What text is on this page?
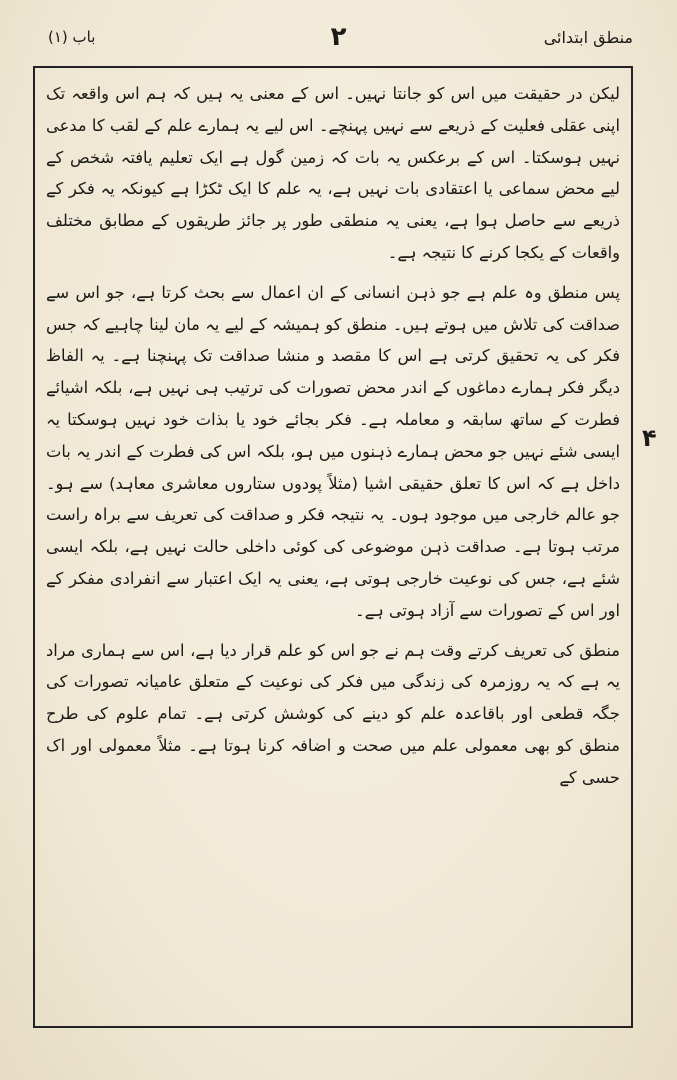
منطق ابتدائی
۲
باب (۱)

لیکن در حقیقت میں اس کو جانتا نہیں۔ اس کے معنی یہ ہیں کہ ہم اس واقعہ تک اپنی عقلی فعلیت کے ذریعے سے نہیں پہنچے۔ اس لیے یہ ہمارے علم کے لقب کا مدعی نہیں ہوسکتا۔ اس کے برعکس یہ بات کہ زمین گول ہے ایک تعلیم یافتہ شخص کے لیے محض سماعی یا اعتقادی بات نہیں ہے، یہ علم کا ایک ٹکڑا ہے کیونکہ یہ فکر کے ذریعے سے حاصل ہوا ہے، یعنی یہ منطقی طور پر جائز طریقوں کے مطابق مختلف واقعات کے یکجا کرنے کا نتیجہ ہے۔

پس منطق وہ علم ہے جو ذہن انسانی کے ان اعمال سے بحث کرتا ہے، جو اس سے صداقت کی تلاش میں ہوتے ہیں۔ منطق کو ہمیشہ کے لیے یہ مان لینا چاہیے کہ جس فکر کی یہ تحقیق کرتی ہے اس کا مقصد و منشا صداقت تک پہنچنا ہے۔ یہ الفاظ دیگر فکر ہمارے دماغوں کے اندر محض تصورات کی ترتیب ہی نہیں ہے، بلکہ اشیائے فطرت کے ساتھ سابقہ و معاملہ ہے۔ فکر بجائے خود یا بذات خود نہیں ہوسکتا یہ ایسی شئے نہیں جو محض ہمارے ذہنوں میں ہو، بلکہ اس کی فطرت کے اندر یہ بات داخل ہے کہ اس کا تعلق حقیقی اشیا (مثلاً پودوں ستاروں معاشری معاہد) سے ہو۔ جو عالم خارجی میں موجود ہوں۔ یہ نتیجہ فکر و صداقت کی تعریف سے براہ راست مرتب ہوتا ہے۔ صداقت ذہن موضوعی کی کوئی داخلی حالت نہیں ہے، بلکہ ایسی شئے ہے، جس کی نوعیت خارجی ہوتی ہے، یعنی یہ ایک اعتبار سے انفرادی مفکر کے اور اس کے تصورات سے آزاد ہوتی ہے۔

منطق کی تعریف کرتے وقت ہم نے جو اس کو علم قرار دیا ہے، اس سے ہماری مراد یہ ہے کہ یہ روزمرہ کی زندگی میں فکر کی نوعیت کے متعلق عامیانہ تصورات کی جگہ قطعی اور باقاعدہ علم کو دینے کی کوشش کرتی ہے۔ تمام علوم کی طرح منطق کو بھی معمولی علم میں صحت و اضافہ کرنا ہوتا ہے۔ مثلاً معمولی اور اک حسی کے

۴
